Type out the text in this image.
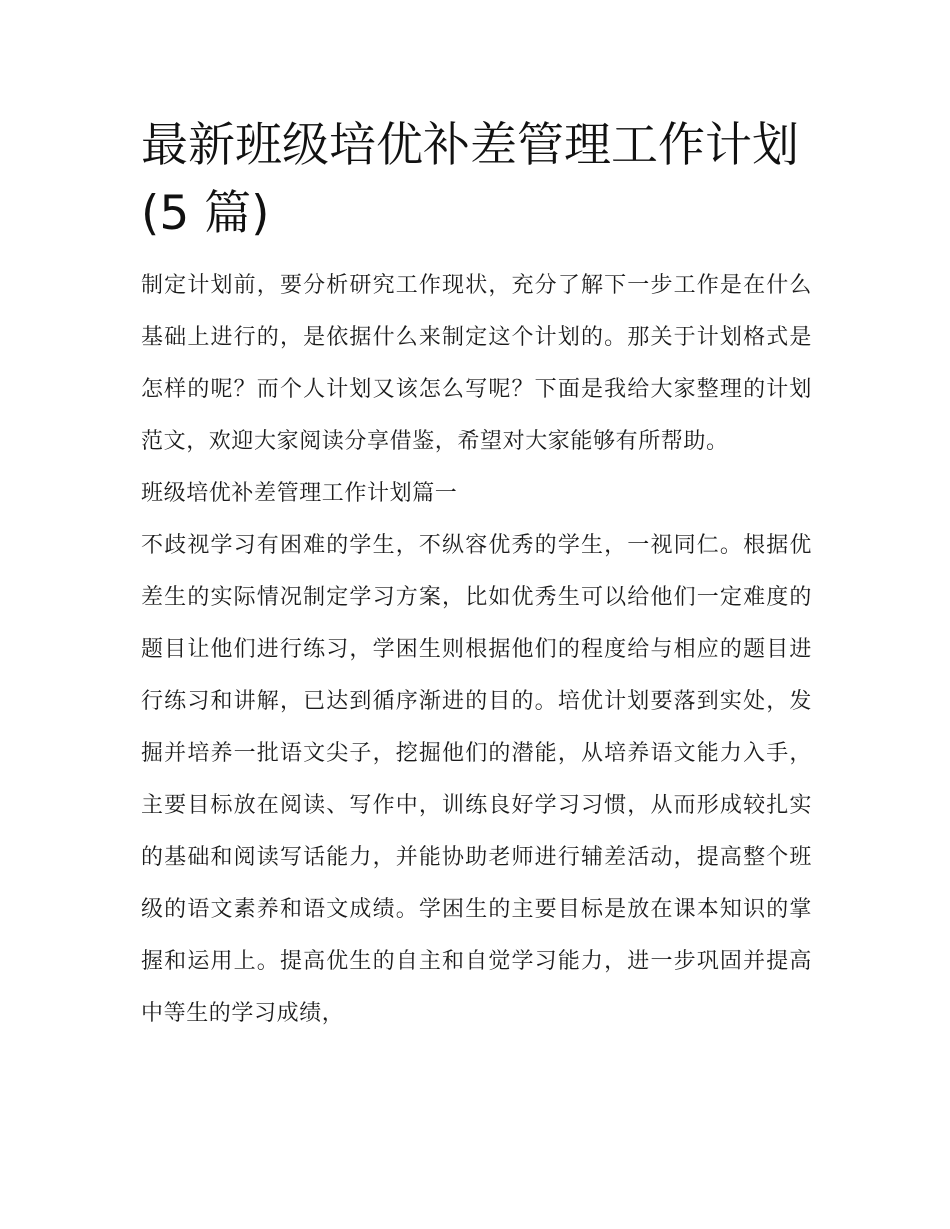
最新班级培优补差管理工作计划(5 篇)

制定计划前，要分析研究工作现状，充分了解下一步工作是在什么基础上进行的，是依据什么来制定这个计划的。那关于计划格式是怎样的呢？而个人计划又该怎么写呢？下面是我给大家整理的计划范文，欢迎大家阅读分享借鉴，希望对大家能够有所帮助。

班级培优补差管理工作计划篇一

不歧视学习有困难的学生，不纵容优秀的学生，一视同仁。根据优差生的实际情况制定学习方案，比如优秀生可以给他们一定难度的题目让他们进行练习，学困生则根据他们的程度给与相应的题目进行练习和讲解，已达到循序渐进的目的。培优计划要落到实处，发掘并培养一批语文尖子，挖掘他们的潜能，从培养语文能力入手，主要目标放在阅读、写作中，训练良好学习习惯，从而形成较扎实的基础和阅读写话能力，并能协助老师进行辅差活动，提高整个班级的语文素养和语文成绩。学困生的主要目标是放在课本知识的掌握和运用上。提高优生的自主和自觉学习能力，进一步巩固并提高中等生的学习成绩，
